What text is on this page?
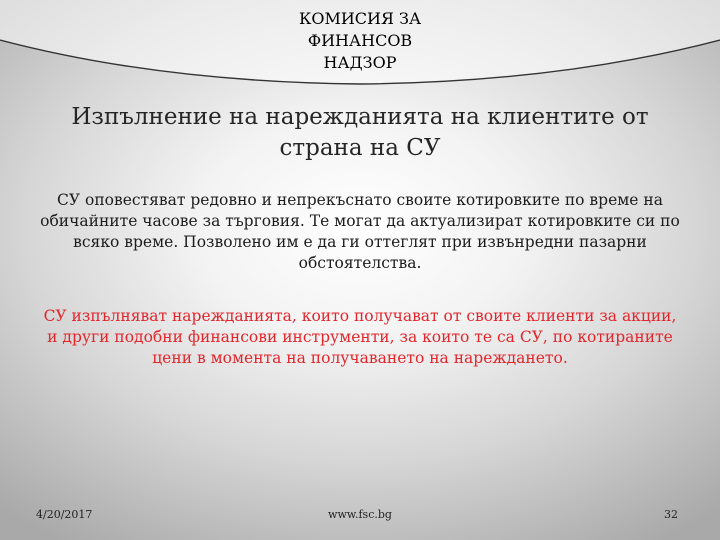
КОМИСИЯ ЗА
ФИНАНСОВ
НАДЗОР
Изпълнение на нарежданията на клиентите от страна на СУ
СУ оповестяват редовно и непрекъснато своите котировките по време на обичайните часове за търговия. Те могат да актуализират котировките си по всяко време. Позволено им е да ги оттеглят при извънредни пазарни обстоятелства.
СУ изпълняват нарежданията, които получават от своите клиенти за акции, и други подобни финансови инструменти, за които те са СУ, по котираните цени в момента на получаването на нареждането.
4/20/2017	www.fsc.bg	32
